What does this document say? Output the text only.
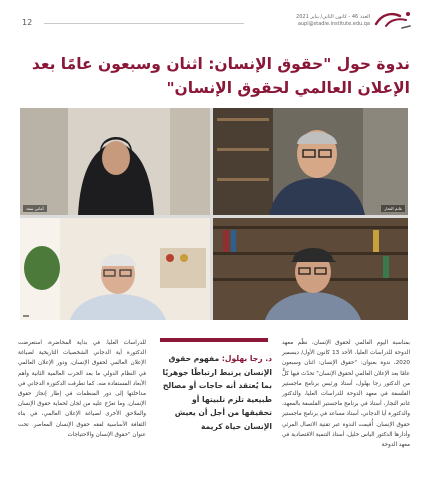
12
العدد 46 - كانون الثاني/ يناير 2021
aupl@stadie.institute.edu.qa
ندوة حول "حقوق الإنسان: اثنان وسبعون عامًا بعد الإعلان العالمي لحقوق الإنسان"
أماني سعد	غانم النجار
بمناسبة اليوم العالمي لحقوق الإنسان، نظّم معهد الدوحة للدراسات العليا، الأحد 13 كانون الأول/ ديسمبر 2020، ندوة بعنوان: "حقوق الإنسان: اثنان وسبعون عامًا بعد الإعلان العالمي لحقوق الإنسان" تحدّث فيها كلٌّ من الدكتور رجا بهلول، أستاذ ورئيس برنامج ماجستير الفلسفة في معهد الدوحة للدراسات العليا، والدكتور غانم النجار، أستاذ في برنامج ماجستير الفلسفة بالمعهد، والدكتورة أيا الدجاني، أستاذ مساعد في برنامج ماجستير حقوق الإنسان. أُقيمت الندوة عبر تقنية الاتصال المرئي وأدارها الدكتور الياس خليل، أستاذ التنمية الاقتصادية في معهد الدوحة
د. رجا بهلول: مفهوم حقوق الإنسان يرتبط ارتباطًا جوهريًا بما يُعتقد أنه حاجات أو مصالح طبيعية تلزم تلبيتها أو تحقيقها من أجل أن يعيش الإنسان حياة كريمة
للدراسات العليا. في بداية المحاضرة، استعرضت الدكتورة أية الدجاني الشخصيات التاريخية لصياغة الإعلان العالمي لحقوق الإنسان، ودور الإعلان العالمي في النظام الدولي ما بعد الحرب العالمية الثانية وأهم الأبعاد المستفادة منه. كما تطرقت الدكتورة الدجاني في مداخلتها إلى دور المنظمات في إطار إنجاز حقوق الإنسان، وما تعرّج عليه من لجان لحماية حقوق الإنسان والملاحق الأخرى لصياغة الإعلان العالمي، في بناء الثقافة الأساسية لفقه حقوق الإنسان المعاصر. تحت عنوان "حقوق الإنسان والاحتياجات
